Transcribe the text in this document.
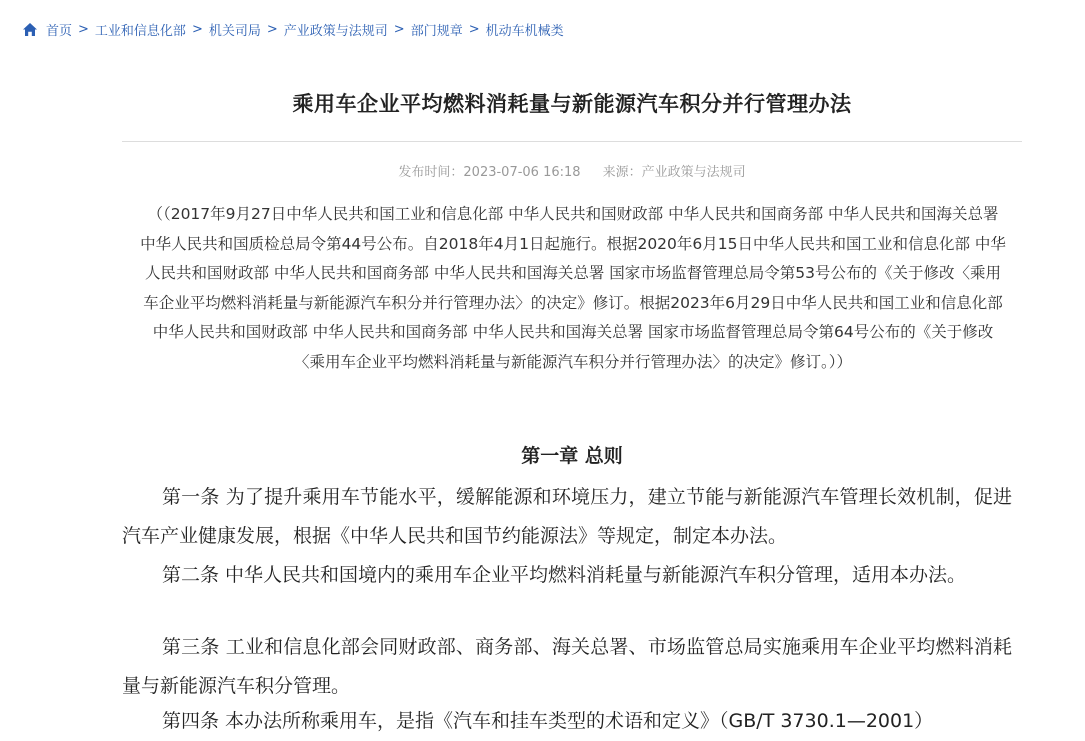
首页 > 工业和信息化部 > 机关司局 > 产业政策与法规司 > 部门规章 > 机动车机械类
乘用车企业平均燃料消耗量与新能源汽车积分并行管理办法
发布时间：2023-07-06 16:18 来源：产业政策与法规司

（（2017年9月27日中华人民共和国工业和信息化部 中华人民共和国财政部 中华人民共和国商务部 中华人民共和国海关总署 中华人民共和国质检总局令第44号公布。自2018年4月1日起施行。根据2020年6月15日中华人民共和国工业和信息化部 中华人民共和国财政部 中华人民共和国商务部 中华人民共和国海关总署 国家市场监督管理总局令第53号公布的《关于修改〈乘用车企业平均燃料消耗量与新能源汽车积分并行管理办法〉的决定》修订。根据2023年6月29日中华人民共和国工业和信息化部 中华人民共和国财政部 中华人民共和国商务部 中华人民共和国海关总署 国家市场监督管理总局令第64号公布的《关于修改〈乘用车企业平均燃料消耗量与新能源汽车积分并行管理办法〉的决定》修订。））

第一章 总则

第一条 为了提升乘用车节能水平，缓解能源和环境压力，建立节能与新能源汽车管理长效机制，促进汽车产业健康发展，根据《中华人民共和国节约能源法》等规定，制定本办法。

第二条 中华人民共和国境内的乘用车企业平均燃料消耗量与新能源汽车积分管理，适用本办法。

第三条 工业和信息化部会同财政部、商务部、海关总署、市场监管总局实施乘用车企业平均燃料消耗量与新能源汽车积分管理。

第四条 本办法所称乘用车，是指《汽车和挂车类型的术语和定义》（GB/T 3730.1—2001）
